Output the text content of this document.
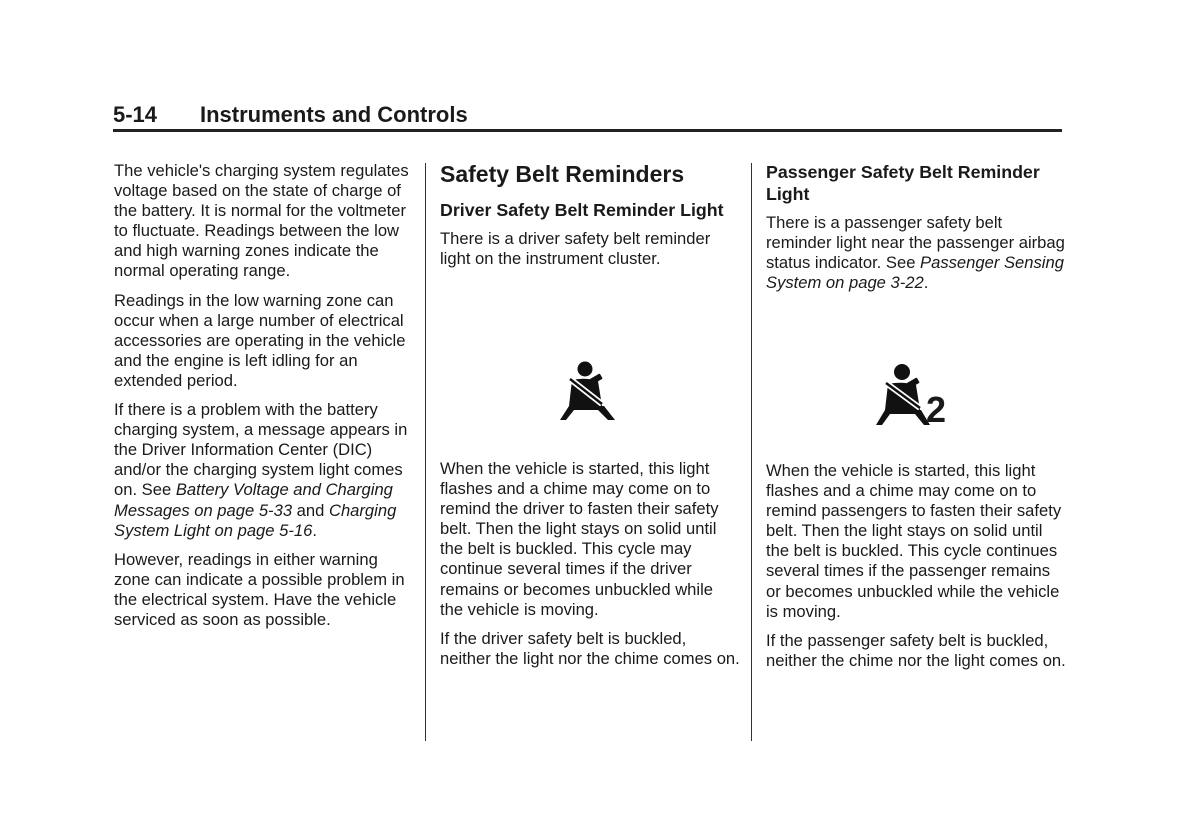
5-14 Instruments and Controls

The vehicle's charging system regulates voltage based on the state of charge of the battery. It is normal for the voltmeter to fluctuate. Readings between the low and high warning zones indicate the normal operating range.

Readings in the low warning zone can occur when a large number of electrical accessories are operating in the vehicle and the engine is left idling for an extended period.

If there is a problem with the battery charging system, a message appears in the Driver Information Center (DIC) and/or the charging system light comes on. See Battery Voltage and Charging Messages on page 5-33 and Charging System Light on page 5-16.

However, readings in either warning zone can indicate a possible problem in the electrical system. Have the vehicle serviced as soon as possible.

Safety Belt Reminders
Driver Safety Belt Reminder Light

There is a driver safety belt reminder light on the instrument cluster.

When the vehicle is started, this light flashes and a chime may come on to remind the driver to fasten their safety belt. Then the light stays on solid until the belt is buckled. This cycle may continue several times if the driver remains or becomes unbuckled while the vehicle is moving.

If the driver safety belt is buckled, neither the light nor the chime comes on.

Passenger Safety Belt Reminder Light

There is a passenger safety belt reminder light near the passenger airbag status indicator. See Passenger Sensing System on page 3-22.

When the vehicle is started, this light flashes and a chime may come on to remind passengers to fasten their safety belt. Then the light stays on solid until the belt is buckled. This cycle continues several times if the passenger remains or becomes unbuckled while the vehicle is moving.

If the passenger safety belt is buckled, neither the chime nor the light comes on.

2
